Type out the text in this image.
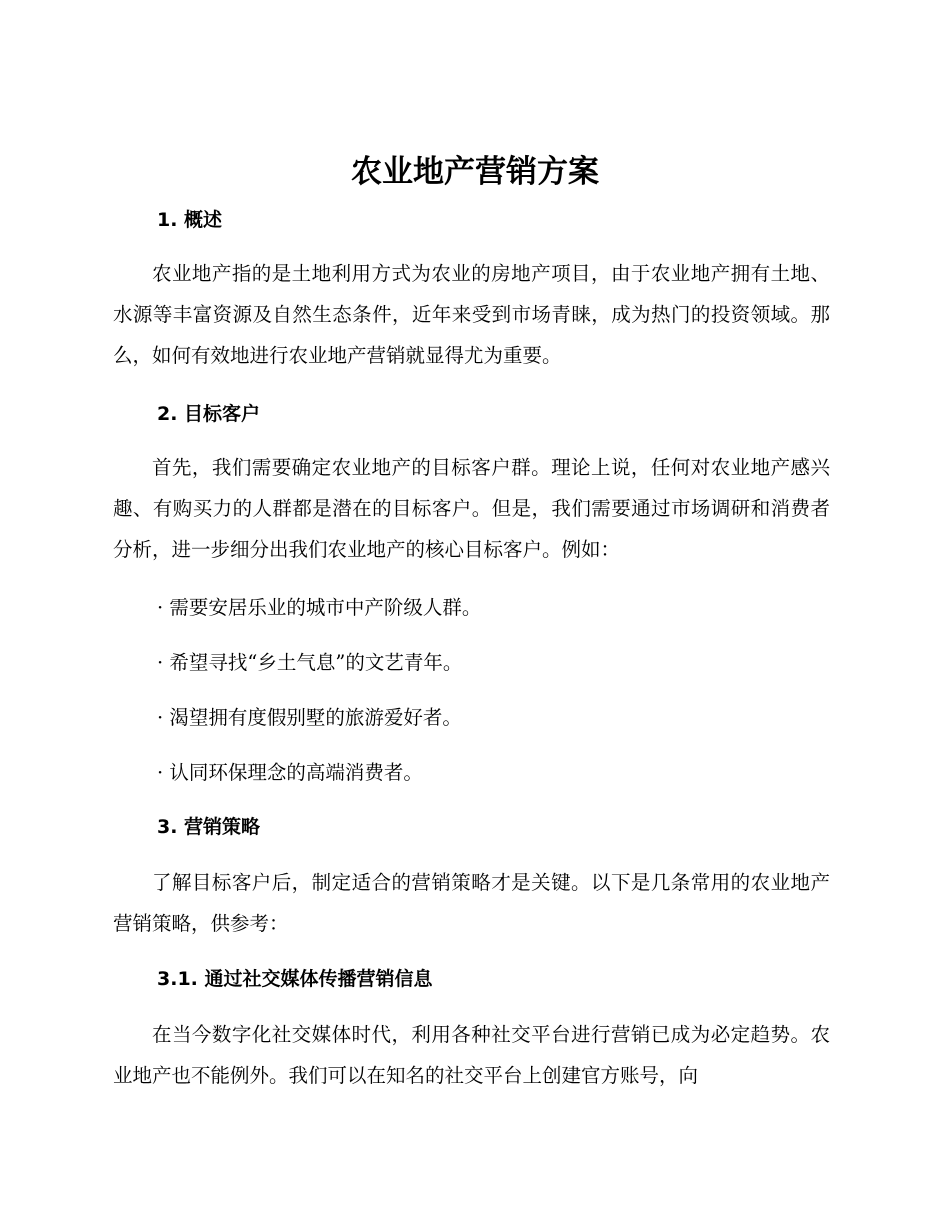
农业地产营销方案
1. 概述

农业地产指的是土地利用方式为农业的房地产项目，由于农业地产拥有土地、水源等丰富资源及自然生态条件，近年来受到市场青睐，成为热门的投资领域。那么，如何有效地进行农业地产营销就显得尤为重要。

2. 目标客户

首先，我们需要确定农业地产的目标客户群。理论上说，任何对农业地产感兴趣、有购买力的人群都是潜在的目标客户。但是，我们需要通过市场调研和消费者分析，进一步细分出我们农业地产的核心目标客户。例如：

· 需要安居乐业的城市中产阶级人群。

· 希望寻找“乡土气息”的文艺青年。

· 渴望拥有度假别墅的旅游爱好者。

· 认同环保理念的高端消费者。

3. 营销策略

了解目标客户后，制定适合的营销策略才是关键。以下是几条常用的农业地产营销策略，供参考：

3.1. 通过社交媒体传播营销信息

在当今数字化社交媒体时代，利用各种社交平台进行营销已成为必定趋势。农业地产也不能例外。我们可以在知名的社交平台上创建官方账号，向
